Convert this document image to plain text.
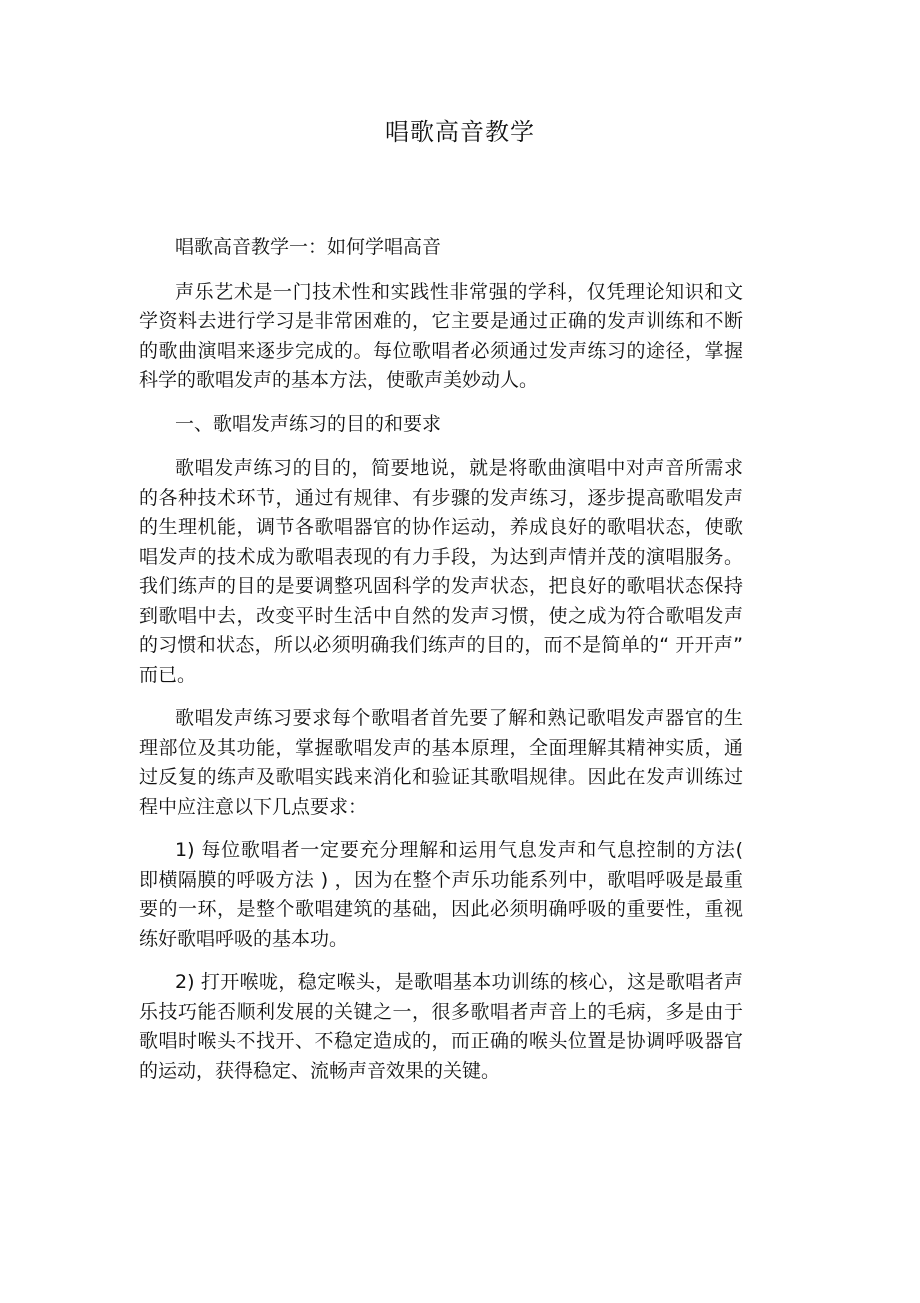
唱歌高音教学

唱歌高音教学一：如何学唱高音

声乐艺术是一门技术性和实践性非常强的学科，仅凭理论知识和文学资料去进行学习是非常困难的，它主要是通过正确的发声训练和不断的歌曲演唱来逐步完成的。每位歌唱者必须通过发声练习的途径，掌握科学的歌唱发声的基本方法，使歌声美妙动人。

一、歌唱发声练习的目的和要求

歌唱发声练习的目的，简要地说，就是将歌曲演唱中对声音所需求的各种技术环节，通过有规律、有步骤的发声练习，逐步提高歌唱发声的生理机能，调节各歌唱器官的协作运动，养成良好的歌唱状态，使歌唱发声的技术成为歌唱表现的有力手段，为达到声情并茂的演唱服务。我们练声的目的是要调整巩固科学的发声状态，把良好的歌唱状态保持到歌唱中去，改变平时生活中自然的发声习惯，使之成为符合歌唱发声的习惯和状态，所以必须明确我们练声的目的，而不是简单的“ 开开声” 而已。

歌唱发声练习要求每个歌唱者首先要了解和熟记歌唱发声器官的生理部位及其功能，掌握歌唱发声的基本原理，全面理解其精神实质，通过反复的练声及歌唱实践来消化和验证其歌唱规律。因此在发声训练过程中应注意以下几点要求：

1) 每位歌唱者一定要充分理解和运用气息发声和气息控制的方法( 即横隔膜的呼吸方法 ) ，因为在整个声乐功能系列中，歌唱呼吸是最重要的一环，是整个歌唱建筑的基础，因此必须明确呼吸的重要性，重视练好歌唱呼吸的基本功。

2) 打开喉咙，稳定喉头，是歌唱基本功训练的核心，这是歌唱者声乐技巧能否顺利发展的关键之一，很多歌唱者声音上的毛病，多是由于歌唱时喉头不找开、不稳定造成的，而正确的喉头位置是协调呼吸器官的运动，获得稳定、流畅声音效果的关键。
